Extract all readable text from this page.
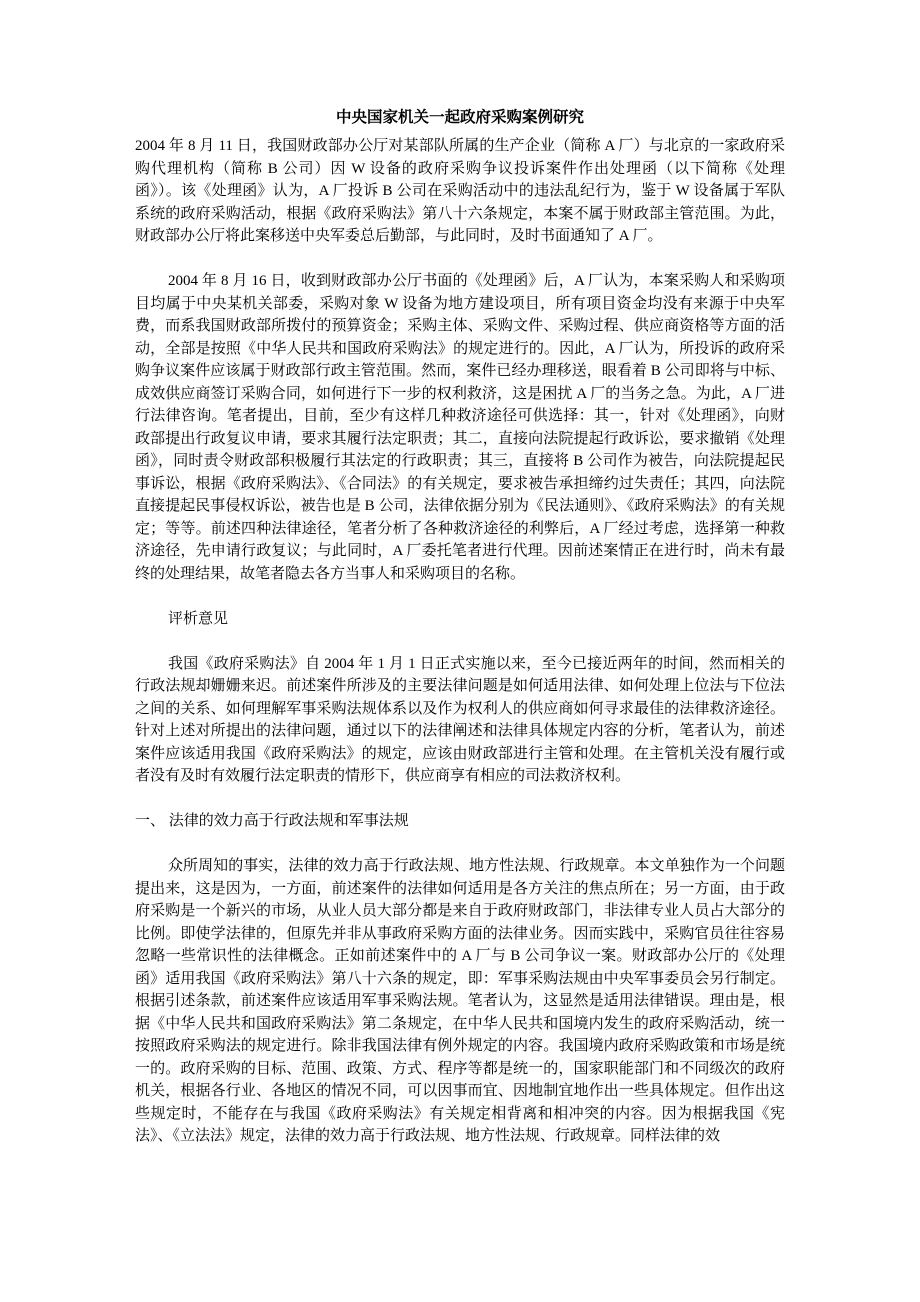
中央国家机关一起政府采购案例研究

2004 年 8 月 11 日，我国财政部办公厅对某部队所属的生产企业（简称 A 厂）与北京的一家政府采购代理机构（简称 B 公司）因 W 设备的政府采购争议投诉案件作出处理函（以下简称《处理函》）。该《处理函》认为，A 厂投诉 B 公司在采购活动中的违法乱纪行为，鉴于 W 设备属于军队系统的政府采购活动，根据《政府采购法》第八十六条规定，本案不属于财政部主管范围。为此，财政部办公厅将此案移送中央军委总后勤部，与此同时，及时书面通知了 A 厂。

2004 年 8 月 16 日，收到财政部办公厅书面的《处理函》后，A 厂认为，本案采购人和采购项目均属于中央某机关部委，采购对象 W 设备为地方建设项目，所有项目资金均没有来源于中央军费，而系我国财政部所拨付的预算资金；采购主体、采购文件、采购过程、供应商资格等方面的活动，全部是按照《中华人民共和国政府采购法》的规定进行的。因此，A 厂认为，所投诉的政府采购争议案件应该属于财政部行政主管范围。然而，案件已经办理移送，眼看着 B 公司即将与中标、成效供应商签订采购合同，如何进行下一步的权利救济，这是困扰 A 厂的当务之急。为此，A 厂进行法律咨询。笔者提出，目前，至少有这样几种救济途径可供选择：其一，针对《处理函》，向财政部提出行政复议申请，要求其履行法定职责；其二，直接向法院提起行政诉讼，要求撤销《处理函》，同时责令财政部积极履行其法定的行政职责；其三，直接将 B 公司作为被告，向法院提起民事诉讼，根据《政府采购法》、《合同法》的有关规定，要求被告承担缔约过失责任；其四，向法院直接提起民事侵权诉讼，被告也是 B 公司，法律依据分别为《民法通则》、《政府采购法》的有关规定；等等。前述四种法律途径，笔者分析了各种救济途径的利弊后，A 厂经过考虑，选择第一种救济途径，先申请行政复议；与此同时，A 厂委托笔者进行代理。因前述案情正在进行时，尚未有最终的处理结果，故笔者隐去各方当事人和采购项目的名称。

评析意见

我国《政府采购法》自 2004 年 1 月 1 日正式实施以来，至今已接近两年的时间，然而相关的行政法规却姗姗来迟。前述案件所涉及的主要法律问题是如何适用法律、如何处理上位法与下位法之间的关系、如何理解军事采购法规体系以及作为权利人的供应商如何寻求最佳的法律救济途径。针对上述对所提出的法律问题，通过以下的法律阐述和法律具体规定内容的分析，笔者认为，前述案件应该适用我国《政府采购法》的规定，应该由财政部进行主管和处理。在主管机关没有履行或者没有及时有效履行法定职责的情形下，供应商享有相应的司法救济权利。

一、 法律的效力高于行政法规和军事法规

众所周知的事实，法律的效力高于行政法规、地方性法规、行政规章。本文单独作为一个问题提出来，这是因为，一方面，前述案件的法律如何适用是各方关注的焦点所在；另一方面，由于政府采购是一个新兴的市场，从业人员大部分都是来自于政府财政部门，非法律专业人员占大部分的比例。即使学法律的，但原先并非从事政府采购方面的法律业务。因而实践中，采购官员往往容易忽略一些常识性的法律概念。正如前述案件中的 A 厂与 B 公司争议一案。财政部办公厅的《处理函》适用我国《政府采购法》第八十六条的规定，即：军事采购法规由中央军事委员会另行制定。根据引述条款，前述案件应该适用军事采购法规。笔者认为，这显然是适用法律错误。理由是，根据《中华人民共和国政府采购法》第二条规定，在中华人民共和国境内发生的政府采购活动，统一按照政府采购法的规定进行。除非我国法律有例外规定的内容。我国境内政府采购政策和市场是统一的。政府采购的目标、范围、政策、方式、程序等都是统一的，国家职能部门和不同级次的政府机关，根据各行业、各地区的情况不同，可以因事而宜、因地制宜地作出一些具体规定。但作出这些规定时，不能存在与我国《政府采购法》有关规定相背离和相冲突的内容。因为根据我国《宪法》、《立法法》规定，法律的效力高于行政法规、地方性法规、行政规章。同样法律的效
